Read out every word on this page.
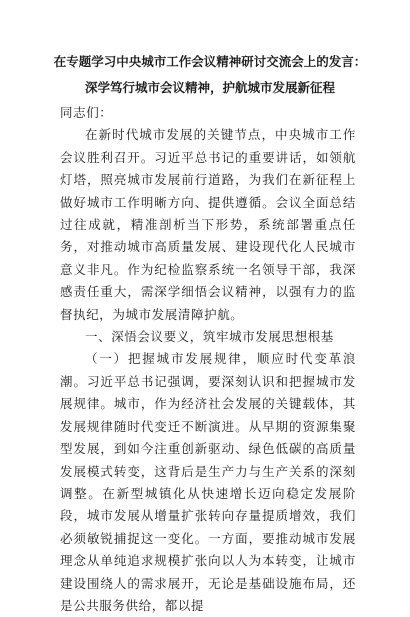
在专题学习中央城市工作会议精神研讨交流会上的发言：
深学笃行城市会议精神，护航城市发展新征程

同志们：

在新时代城市发展的关键节点，中央城市工作会议胜利召开。习近平总书记的重要讲话，如领航灯塔，照亮城市发展前行道路，为我们在新征程上做好城市工作明晰方向、提供遵循。会议全面总结过往成就，精准剖析当下形势，系统部署重点任务，对推动城市高质量发展、建设现代化人民城市意义非凡。作为纪检监察系统一名领导干部，我深感责任重大，需深学细悟会议精神，以强有力的监督执纪，为城市发展清障护航。

一、深悟会议要义，筑牢城市发展思想根基

（一）把握城市发展规律，顺应时代变革浪潮。习近平总书记强调，要深刻认识和把握城市发展规律。城市，作为经济社会发展的关键载体，其发展规律随时代变迁不断演进。从早期的资源集聚型发展，到如今注重创新驱动、绿色低碳的高质量发展模式转变，这背后是生产力与生产关系的深刻调整。在新型城镇化从快速增长迈向稳定发展阶段，城市发展从增量扩张转向存量提质增效，我们必须敏锐捕捉这一变化。一方面，要推动城市发展理念从单纯追求规模扩张向以人为本转变，让城市建设围绕人的需求展开，无论是基础设施布局，还是公共服务供给，都以提
